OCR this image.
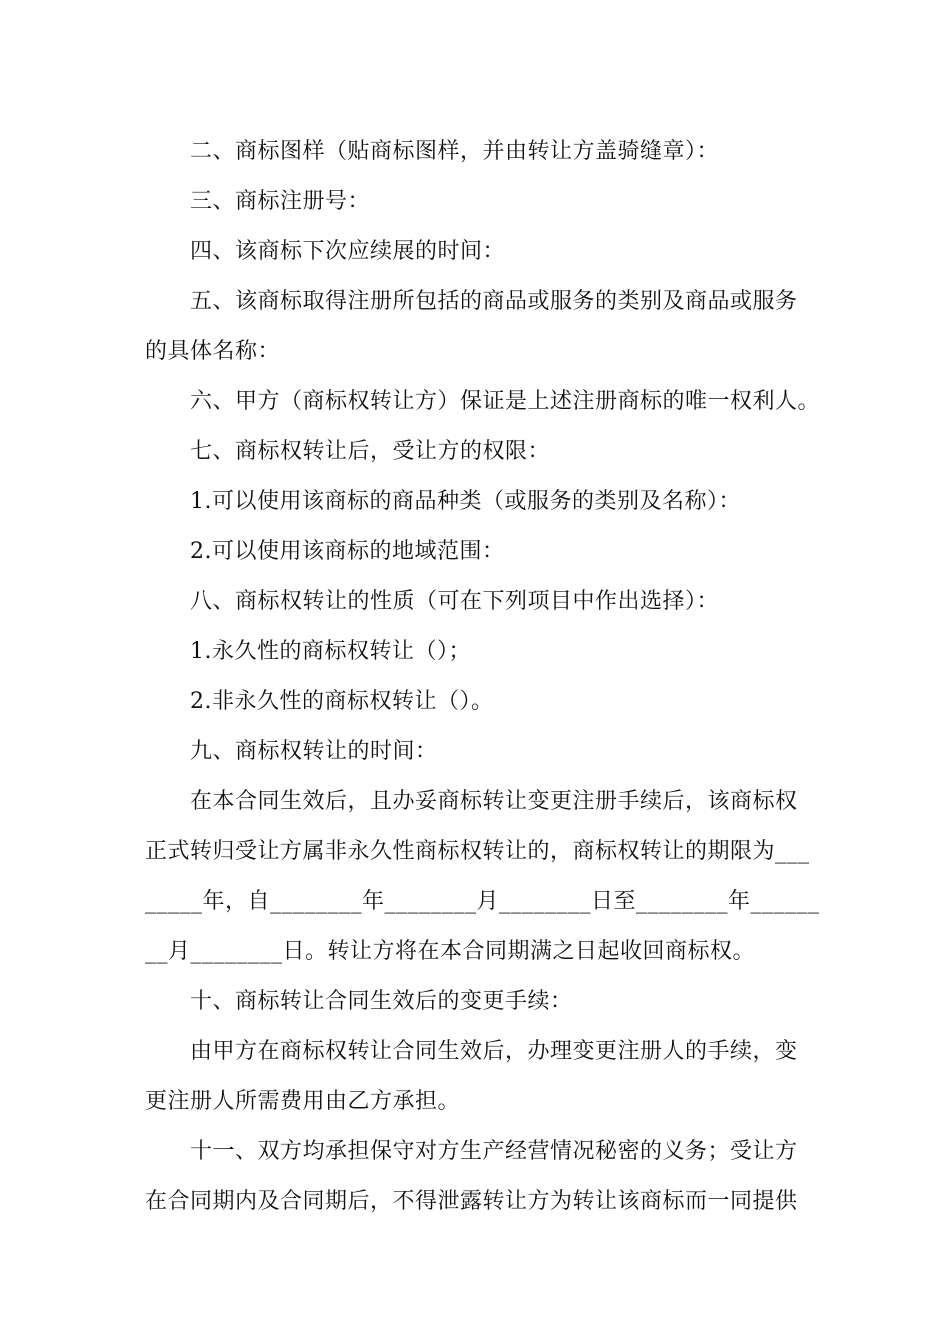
二、商标图样（贴商标图样，并由转让方盖骑缝章）：
三、商标注册号：
四、该商标下次应续展的时间：
五、该商标取得注册所包括的商品或服务的类别及商品或服务
的具体名称：
六、甲方（商标权转让方）保证是上述注册商标的唯一权利人。
七、商标权转让后，受让方的权限：
1.可以使用该商标的商品种类（或服务的类别及名称）：
2.可以使用该商标的地域范围：
八、商标权转让的性质（可在下列项目中作出选择）：
1.永久性的商标权转让（）；
2.非永久性的商标权转让（）。
九、商标权转让的时间：
在本合同生效后，且办妥商标转让变更注册手续后，该商标权
正式转归受让方属非永久性商标权转让的，商标权转让的期限为___
_____年，自________年________月________日至________年______
__月________日。转让方将在本合同期满之日起收回商标权。
十、商标转让合同生效后的变更手续：
由甲方在商标权转让合同生效后，办理变更注册人的手续，变
更注册人所需费用由乙方承担。
十一、双方均承担保守对方生产经营情况秘密的义务；受让方
在合同期内及合同期后，不得泄露转让方为转让该商标而一同提供
